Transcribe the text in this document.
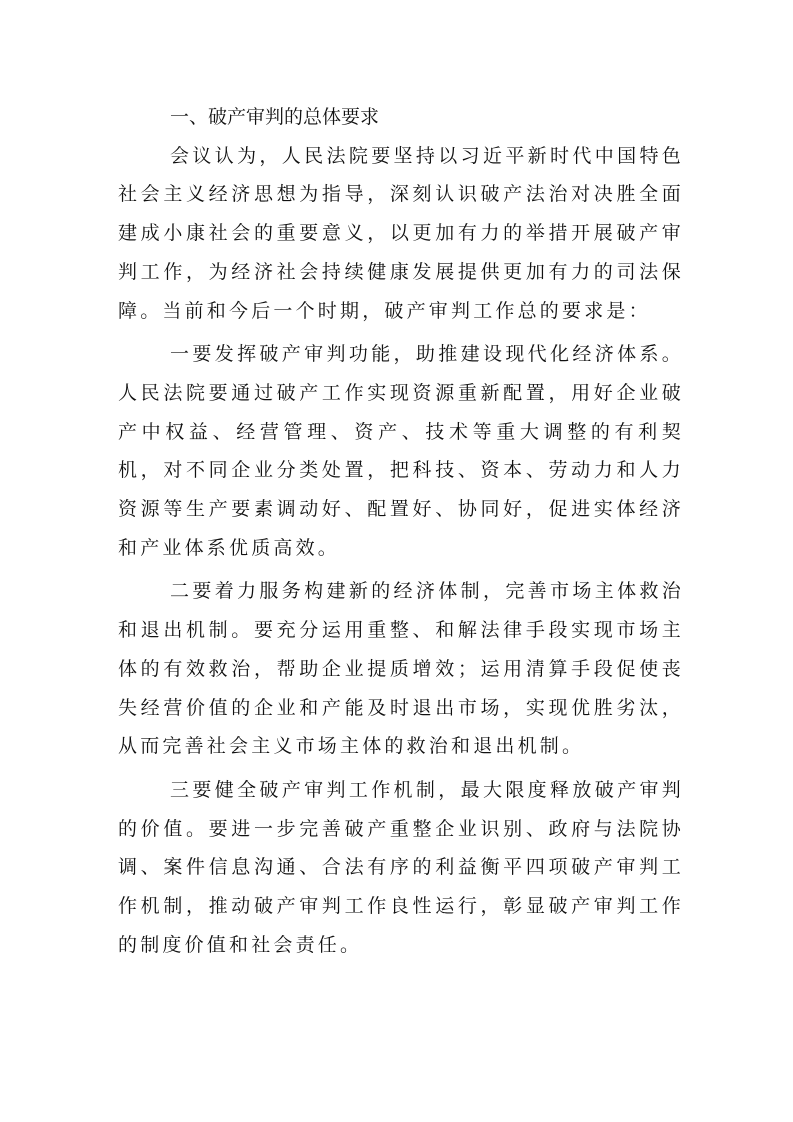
一、破产审判的总体要求

会议认为，人民法院要坚持以习近平新时代中国特色社会主义经济思想为指导，深刻认识破产法治对决胜全面建成小康社会的重要意义，以更加有力的举措开展破产审判工作，为经济社会持续健康发展提供更加有力的司法保障。当前和今后一个时期，破产审判工作总的要求是：

一要发挥破产审判功能，助推建设现代化经济体系。人民法院要通过破产工作实现资源重新配置，用好企业破产中权益、经营管理、资产、技术等重大调整的有利契机，对不同企业分类处置，把科技、资本、劳动力和人力资源等生产要素调动好、配置好、协同好，促进实体经济和产业体系优质高效。

二要着力服务构建新的经济体制，完善市场主体救治和退出机制。要充分运用重整、和解法律手段实现市场主体的有效救治，帮助企业提质增效；运用清算手段促使丧失经营价值的企业和产能及时退出市场，实现优胜劣汰，从而完善社会主义市场主体的救治和退出机制。

三要健全破产审判工作机制，最大限度释放破产审判的价值。要进一步完善破产重整企业识别、政府与法院协调、案件信息沟通、合法有序的利益衡平四项破产审判工作机制，推动破产审判工作良性运行，彰显破产审判工作的制度价值和社会责任。
